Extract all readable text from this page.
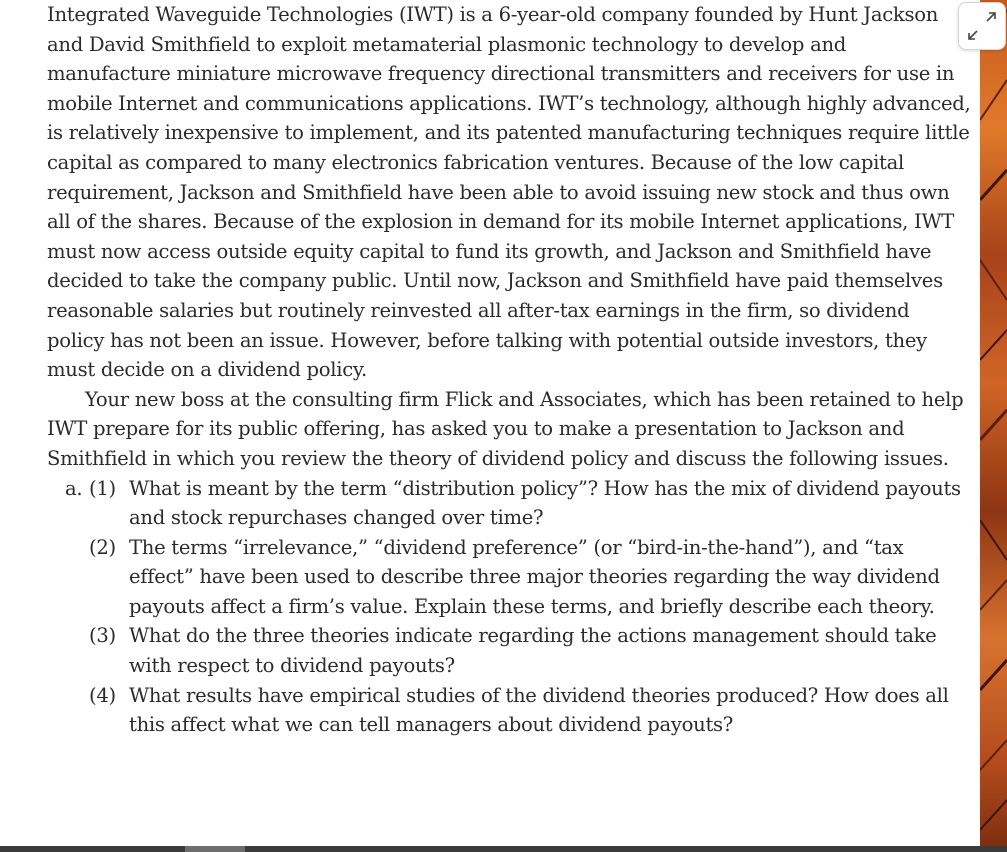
Integrated Waveguide Technologies (IWT) is a 6-year-old company founded by Hunt Jackson and David Smithfield to exploit metamaterial plasmonic technology to develop and manufacture miniature microwave frequency directional transmitters and receivers for use in mobile Internet and communications applications. IWT’s technology, although highly advanced, is relatively inexpensive to implement, and its patented manufacturing techniques require little capital as compared to many electronics fabrication ventures. Because of the low capital requirement, Jackson and Smithfield have been able to avoid issuing new stock and thus own all of the shares. Because of the explosion in demand for its mobile Internet applications, IWT must now access outside equity capital to fund its growth, and Jackson and Smithfield have decided to take the company public. Until now, Jackson and Smithfield have paid themselves reasonable salaries but routinely reinvested all after-tax earnings in the firm, so dividend policy has not been an issue. However, before talking with potential outside investors, they must decide on a dividend policy.

Your new boss at the consulting firm Flick and Associates, which has been retained to help IWT prepare for its public offering, has asked you to make a presentation to Jackson and Smithfield in which you review the theory of dividend policy and discuss the following issues.

a. (1) What is meant by the term “distribution policy”? How has the mix of dividend payouts and stock repurchases changed over time?
(2) The terms “irrelevance,” “dividend preference” (or “bird-in-the-hand”), and “tax effect” have been used to describe three major theories regarding the way dividend payouts affect a firm’s value. Explain these terms, and briefly describe each theory.
(3) What do the three theories indicate regarding the actions management should take with respect to dividend payouts?
(4) What results have empirical studies of the dividend theories produced? How does all this affect what we can tell managers about dividend payouts?
